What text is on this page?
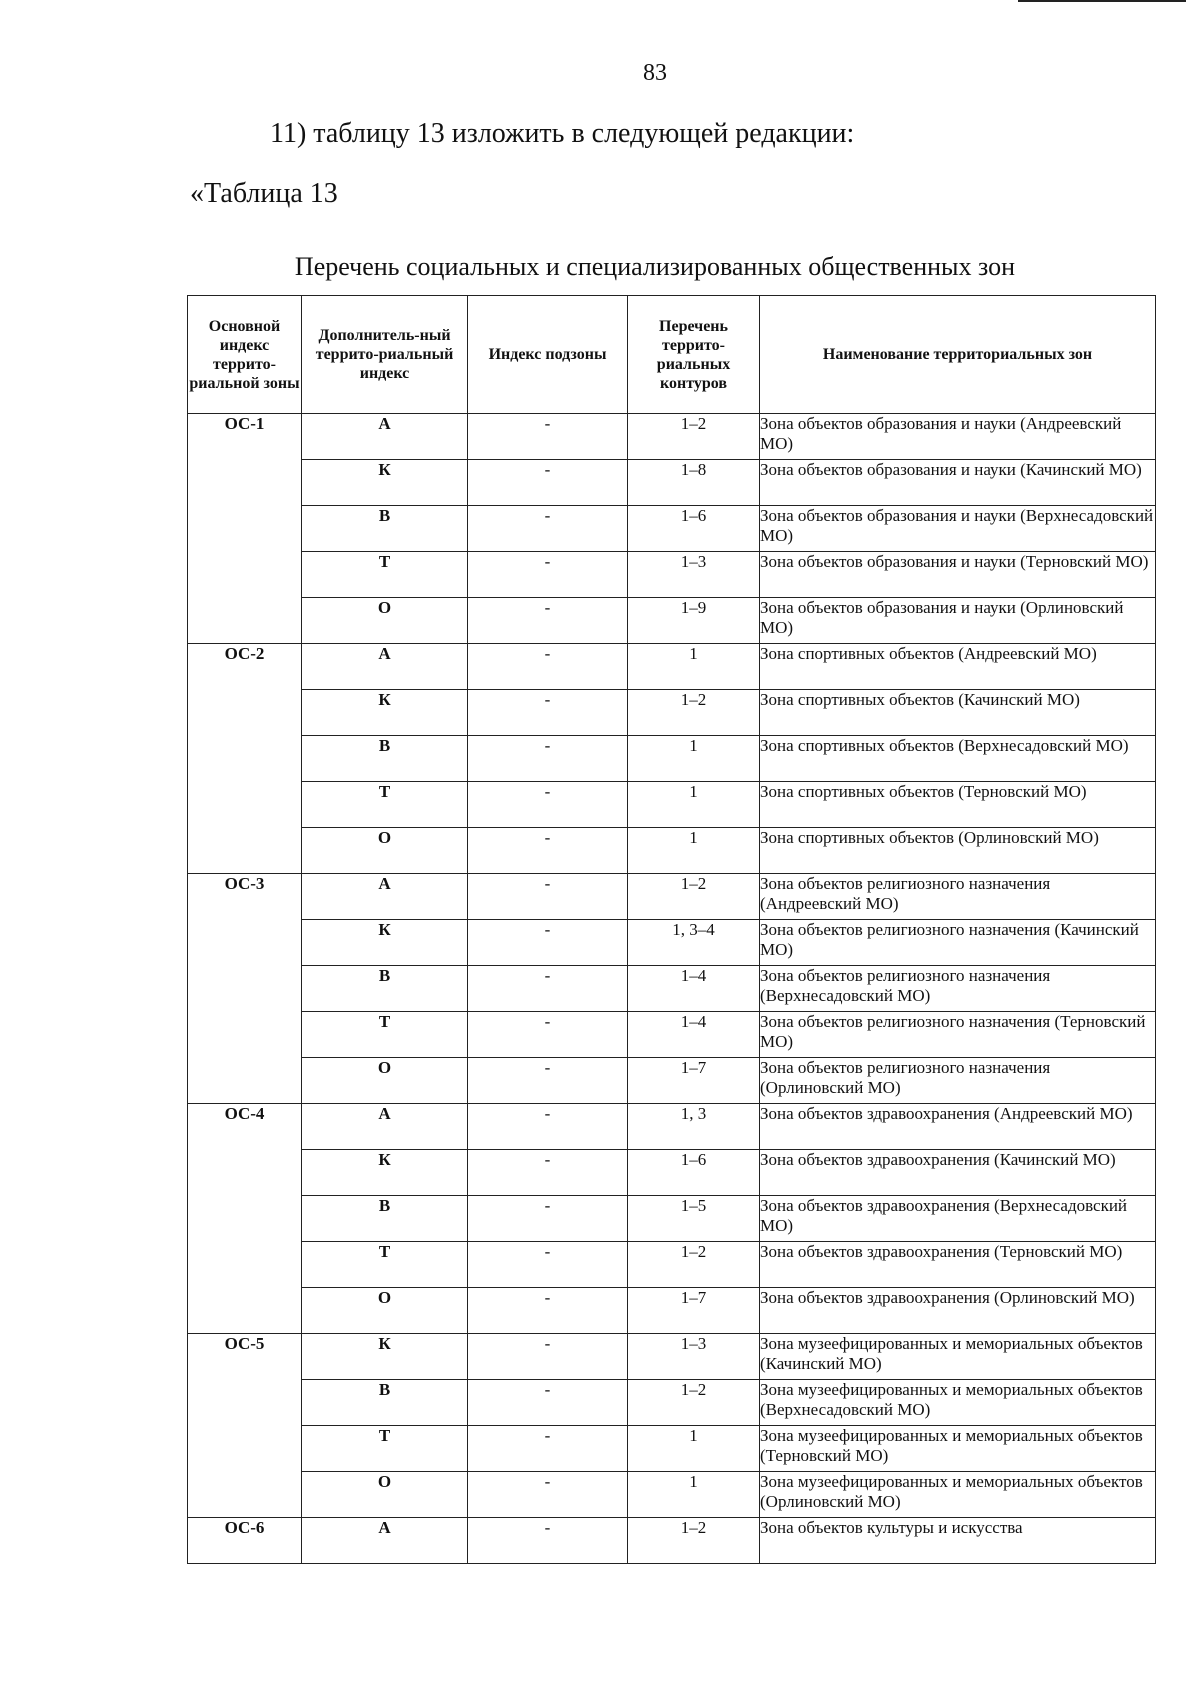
83
11) таблицу 13 изложить в следующей редакции:
«Таблица 13
Перечень социальных и специализированных общественных зон
Основной индекс террито-риальной зоны	Дополнитель-ный террито-риальный индекс	Индекс подзоны	Перечень террито-риальных контуров	Наименование территориальных зон
ОС-1	А	-	1–2	Зона объектов образования и науки (Андреевский МО)
	К	-	1–8	Зона объектов образования и науки (Качинский МО)
	В	-	1–6	Зона объектов образования и науки (Верхнесадовский МО)
	Т	-	1–3	Зона объектов образования и науки (Терновский МО)
	О	-	1–9	Зона объектов образования и науки (Орлиновский МО)
ОС-2	А	-	1	Зона спортивных объектов (Андреевский МО)
	К	-	1–2	Зона спортивных объектов (Качинский МО)
	В	-	1	Зона спортивных объектов (Верхнесадовский МО)
	Т	-	1	Зона спортивных объектов (Терновский МО)
	О	-	1	Зона спортивных объектов (Орлиновский МО)
ОС-3	А	-	1–2	Зона объектов религиозного назначения (Андреевский МО)
	К	-	1, 3–4	Зона объектов религиозного назначения (Качинский МО)
	В	-	1–4	Зона объектов религиозного назначения (Верхнесадовский МО)
	Т	-	1–4	Зона объектов религиозного назначения (Терновский МО)
	О	-	1–7	Зона объектов религиозного назначения (Орлиновский МО)
ОС-4	А	-	1, 3	Зона объектов здравоохранения (Андреевский МО)
	К	-	1–6	Зона объектов здравоохранения (Качинский МО)
	В	-	1–5	Зона объектов здравоохранения (Верхнесадовский МО)
	Т	-	1–2	Зона объектов здравоохранения (Терновский МО)
	О	-	1–7	Зона объектов здравоохранения (Орлиновский МО)
ОС-5	К	-	1–3	Зона музеефицированных и мемориальных объектов (Качинский МО)
	В	-	1–2	Зона музеефицированных и мемориальных объектов (Верхнесадовский МО)
	Т	-	1	Зона музеефицированных и мемориальных объектов (Терновский МО)
	О	-	1	Зона музеефицированных и мемориальных объектов (Орлиновский МО)
ОС-6	А	-	1–2	Зона объектов культуры и искусства
